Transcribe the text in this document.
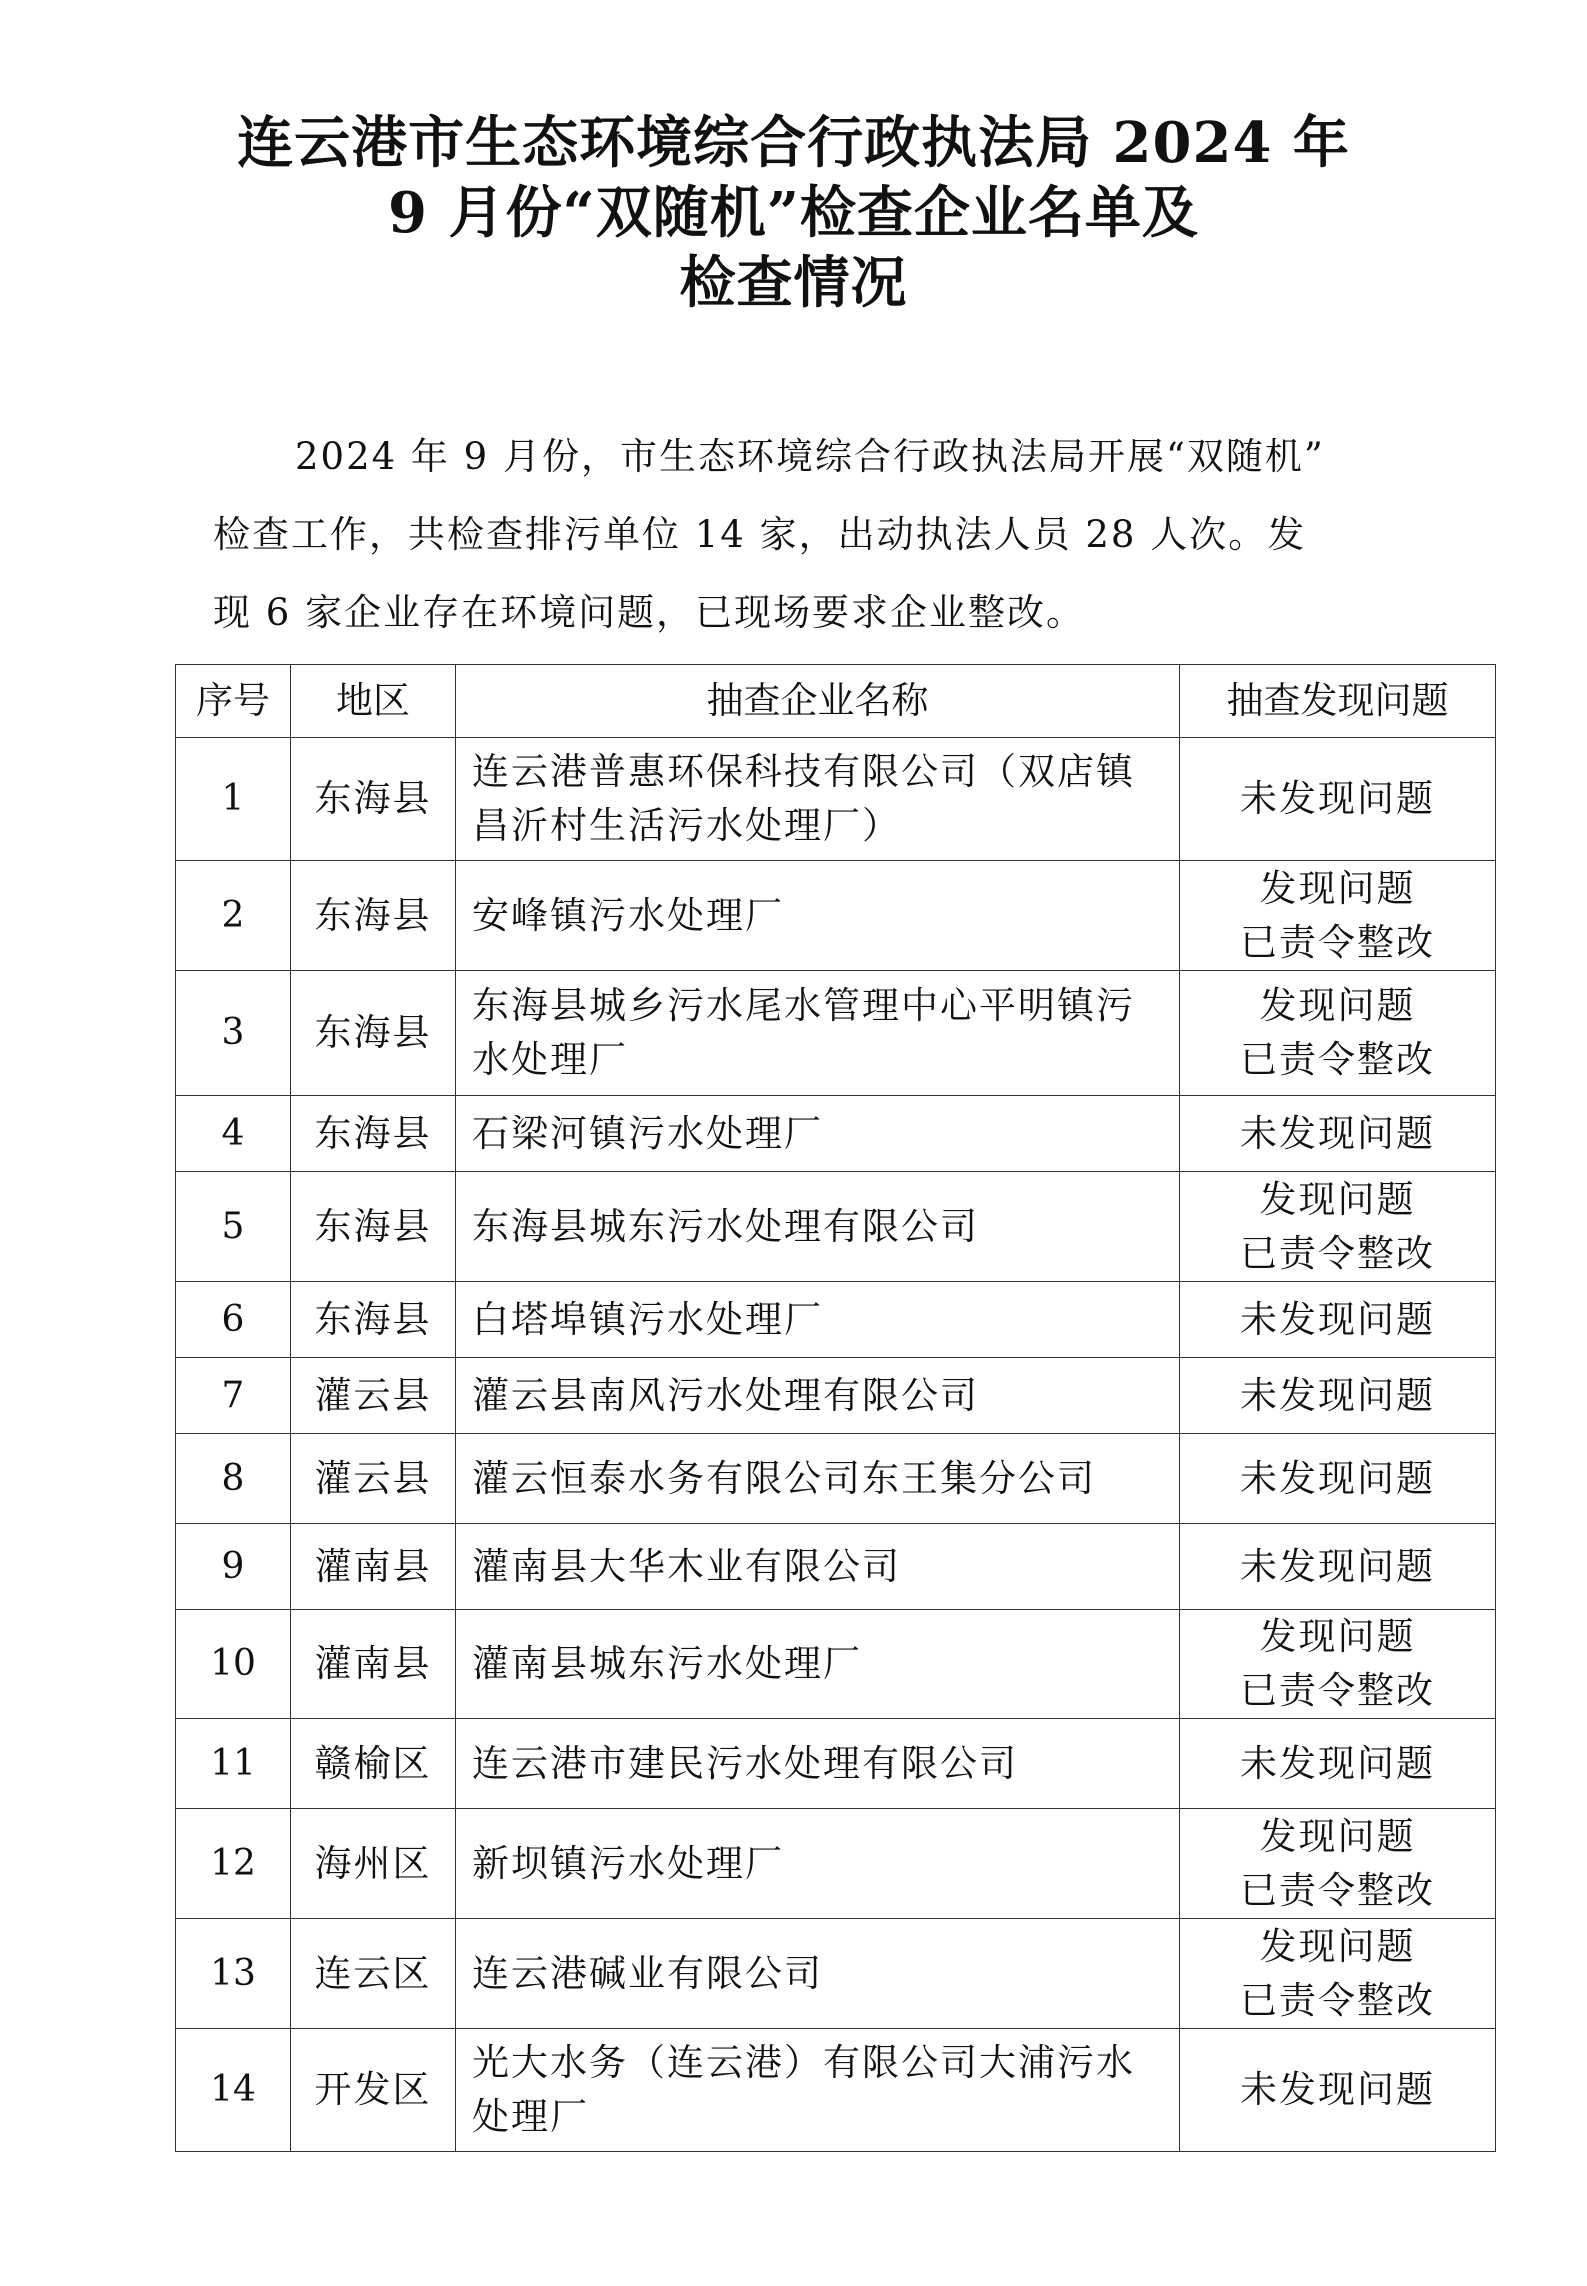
连云港市生态环境综合行政执法局 2024 年
9 月份“双随机”检查企业名单及
检查情况
2024 年 9 月份，市生态环境综合行政执法局开展“双随机”
检查工作，共检查排污单位 14 家，出动执法人员 28 人次。发
现 6 家企业存在环境问题，已现场要求企业整改。
序号	地区	抽查企业名称	抽查发现问题
1	东海县	连云港普惠环保科技有限公司（双店镇昌沂村生活污水处理厂）	未发现问题

2	东海县	安峰镇污水处理厂	发现问题
已责令整改

3	东海县	东海县城乡污水尾水管理中心平明镇污水处理厂	发现问题
已责令整改

4	东海县	石梁河镇污水处理厂	未发现问题

5	东海县	东海县城东污水处理有限公司	发现问题
已责令整改

6	东海县	白塔埠镇污水处理厂	未发现问题

7	灌云县	灌云县南风污水处理有限公司	未发现问题

8	灌云县	灌云恒泰水务有限公司东王集分公司	未发现问题

9	灌南县	灌南县大华木业有限公司	未发现问题

10	灌南县	灌南县城东污水处理厂	发现问题
已责令整改

11	赣榆区	连云港市建民污水处理有限公司	未发现问题

12	海州区	新坝镇污水处理厂	发现问题
已责令整改

13	连云区	连云港碱业有限公司	发现问题
已责令整改

14	开发区	光大水务（连云港）有限公司大浦污水处理厂	未发现问题
